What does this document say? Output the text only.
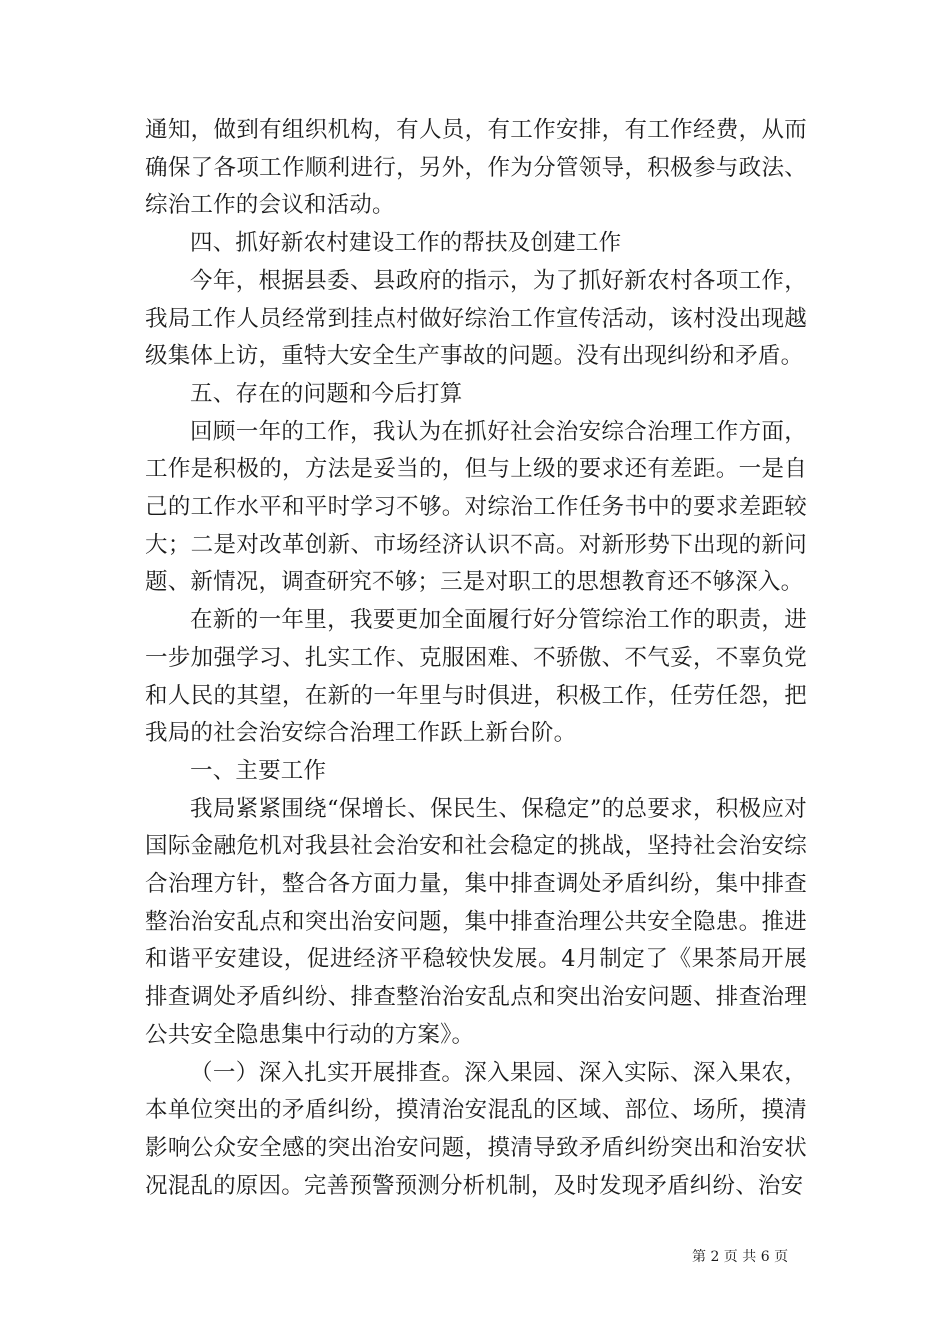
通知，做到有组织机构，有人员，有工作安排，有工作经费，从而确保了各项工作顺利进行，另外，作为分管领导，积极参与政法、综治工作的会议和活动。

四、抓好新农村建设工作的帮扶及创建工作

今年，根据县委、县政府的指示，为了抓好新农村各项工作，我局工作人员经常到挂点村做好综治工作宣传活动，该村没出现越级集体上访，重特大安全生产事故的问题。没有出现纠纷和矛盾。

五、存在的问题和今后打算

回顾一年的工作，我认为在抓好社会治安综合治理工作方面，工作是积极的，方法是妥当的，但与上级的要求还有差距。一是自己的工作水平和平时学习不够。对综治工作任务书中的要求差距较大；二是对改革创新、市场经济认识不高。对新形势下出现的新问题、新情况，调查研究不够；三是对职工的思想教育还不够深入。

在新的一年里，我要更加全面履行好分管综治工作的职责，进一步加强学习、扎实工作、克服困难、不骄傲、不气妥，不辜负党和人民的其望，在新的一年里与时俱进，积极工作，任劳任怨，把我局的社会治安综合治理工作跃上新台阶。

一、主要工作

我局紧紧围绕“保增长、保民生、保稳定”的总要求，积极应对国际金融危机对我县社会治安和社会稳定的挑战，坚持社会治安综合治理方针，整合各方面力量，集中排查调处矛盾纠纷，集中排查整治治安乱点和突出治安问题，集中排查治理公共安全隐患。推进和谐平安建设，促进经济平稳较快发展。4月制定了《果茶局开展排查调处矛盾纠纷、排查整治治安乱点和突出治安问题、排查治理公共安全隐患集中行动的方案》。

（一）深入扎实开展排查。深入果园、深入实际、深入果农，本单位突出的矛盾纠纷，摸清治安混乱的区域、部位、场所，摸清影响公众安全感的突出治安问题，摸清导致矛盾纠纷突出和治安状况混乱的原因。完善预警预测分析机制，及时发现矛盾纠纷、治安

第 2 页 共 6 页
